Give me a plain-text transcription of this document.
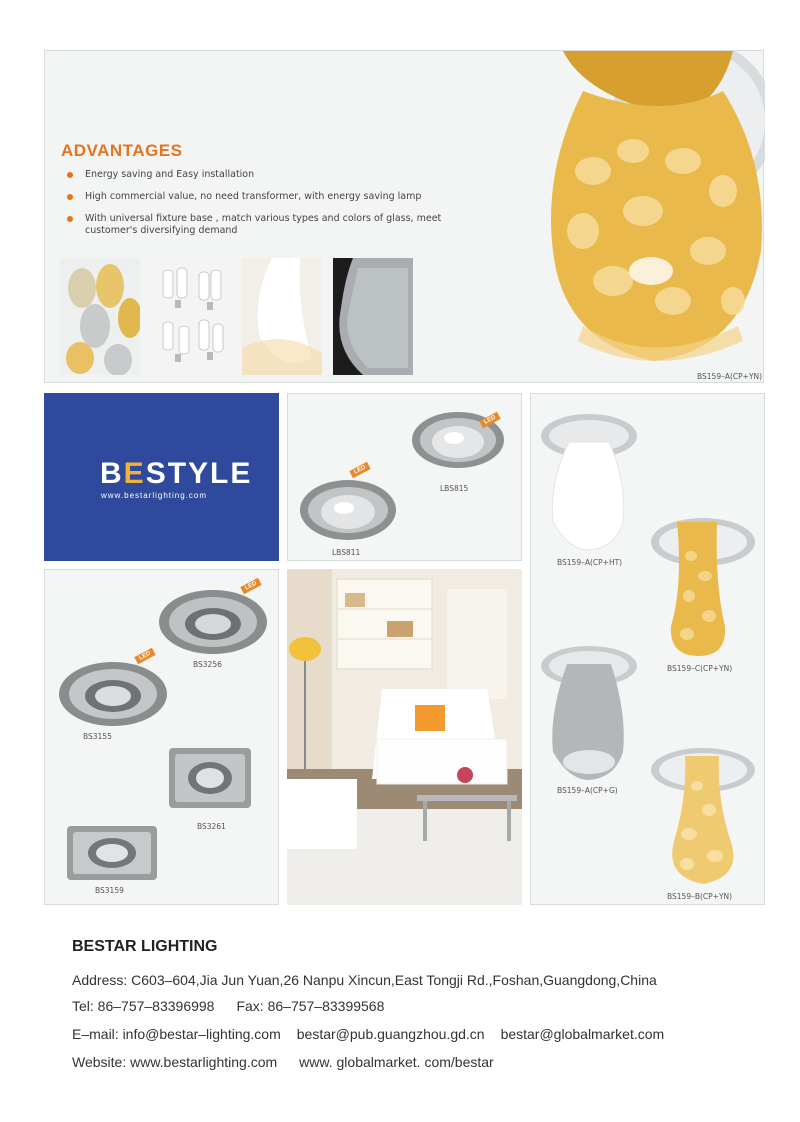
ADVANTAGES
Energy saving and Easy installation
High commercial value, no need transformer, with energy saving lamp
With universal fixture base , match various types and colors of glass, meet customer's diversifying demand
BS159–A(CP+YN)
BESTYLE
www.bestarlighting.com
LED
LBS815
LED
LBS811
LED
BS3256
LED
BS3155
BS3261
BS3159
BS159–A(CP+HT)
BS159–C(CP+YN)
BS159–A(CP+G)
BS159–B(CP+YN)
BESTAR LIGHTING
Address: C603–604,Jia Jun Yuan,26 Nanpu Xincun,East Tongji Rd.,Foshan,Guangdong,China
Tel: 86–757–83396998 Fax: 86–757–83399568
E–mail: info@bestar–lighting.com bestar@pub.guangzhou.gd.cn bestar@globalmarket.com
Website: www.bestarlighting.com www. globalmarket. com/bestar
